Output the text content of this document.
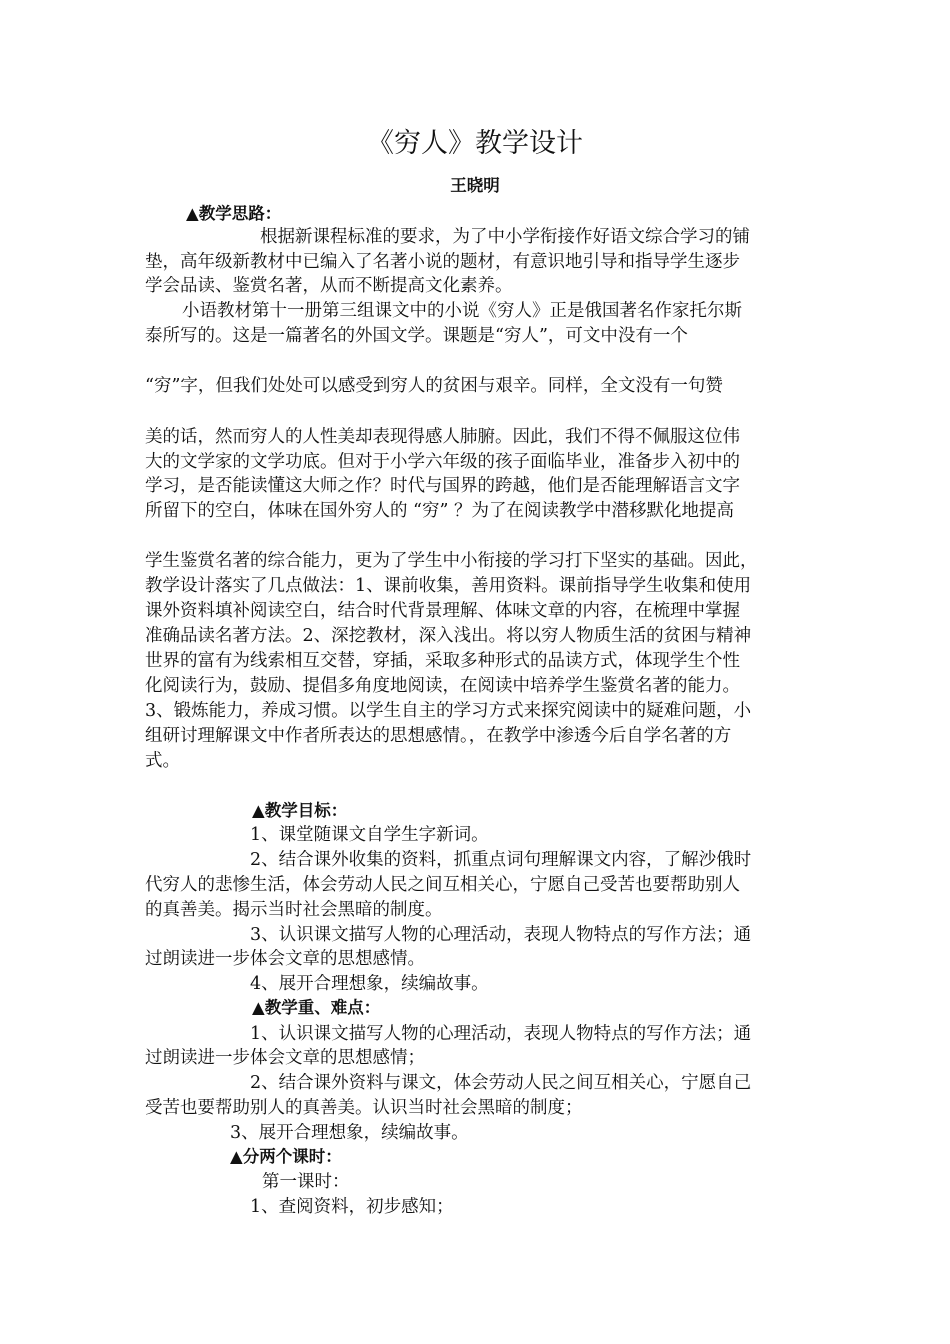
《穷人》教学设计
王晓明
▲教学思路：
根据新课程标准的要求，为了中小学衔接作好语文综合学习的铺
垫，高年级新教材中已编入了名著小说的题材，有意识地引导和指导学生逐步
学会品读、鉴赏名著，从而不断提高文化素养。
小语教材第十一册第三组课文中的小说《穷人》正是俄国著名作家托尔斯
泰所写的。这是一篇著名的外国文学。课题是“穷人”，可文中没有一个
“穷”字，但我们处处可以感受到穷人的贫困与艰辛。同样，全文没有一句赞
美的话，然而穷人的人性美却表现得感人肺腑。因此，我们不得不佩服这位伟
大的文学家的文学功底。但对于小学六年级的孩子面临毕业，准备步入初中的
学习，是否能读懂这大师之作？时代与国界的跨越，他们是否能理解语言文字
所留下的空白，体味在国外穷人的 “穷” ？为了在阅读教学中潜移默化地提高
学生鉴赏名著的综合能力，更为了学生中小衔接的学习打下坚实的基础。因此，
教学设计落实了几点做法：1、课前收集，善用资料。课前指导学生收集和使用
课外资料填补阅读空白，结合时代背景理解、体味文章的内容，在梳理中掌握
准确品读名著方法。2、深挖教材，深入浅出。将以穷人物质生活的贫困与精神
世界的富有为线索相互交替，穿插，采取多种形式的品读方式，体现学生个性
化阅读行为，鼓励、提倡多角度地阅读，在阅读中培养学生鉴赏名著的能力。
3、锻炼能力，养成习惯。以学生自主的学习方式来探究阅读中的疑难问题，小
组研讨理解课文中作者所表达的思想感情。，在教学中渗透今后自学名著的方
式。
▲教学目标：
1、课堂随课文自学生字新词。
2、结合课外收集的资料，抓重点词句理解课文内容，了解沙俄时
代穷人的悲惨生活，体会劳动人民之间互相关心，宁愿自己受苦也要帮助别人
的真善美。揭示当时社会黑暗的制度。
3、认识课文描写人物的心理活动，表现人物特点的写作方法；通
过朗读进一步体会文章的思想感情。
4、展开合理想象，续编故事。
▲教学重、难点：
1、认识课文描写人物的心理活动，表现人物特点的写作方法；通
过朗读进一步体会文章的思想感情；
2、结合课外资料与课文，体会劳动人民之间互相关心，宁愿自己
受苦也要帮助别人的真善美。认识当时社会黑暗的制度；
3、展开合理想象，续编故事。
▲分两个课时：
第一课时：
1、查阅资料，初步感知；
